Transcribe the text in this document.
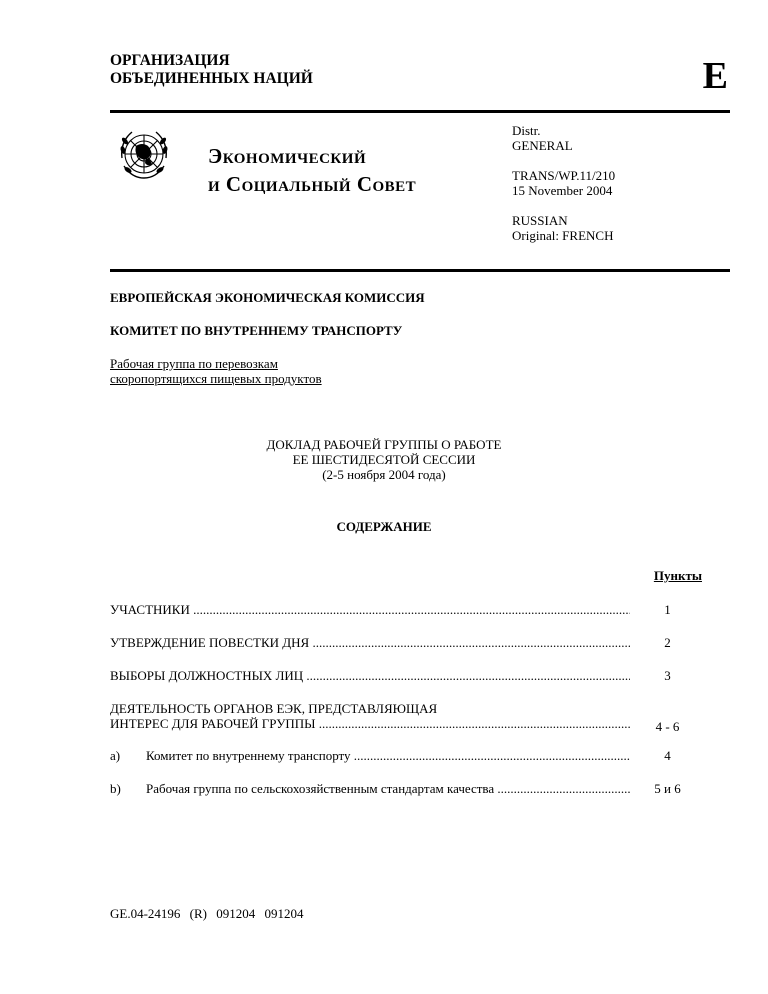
ОРГАНИЗАЦИЯ
ОБЪЕДИНЕННЫХ НАЦИЙ	E
Экономический
и Социальный Совет
Distr.
GENERAL
TRANS/WP.11/210
15 November 2004
RUSSIAN
Original: FRENCH
ЕВРОПЕЙСКАЯ ЭКОНОМИЧЕСКАЯ КОМИССИЯ
КОМИТЕТ ПО ВНУТРЕННЕМУ ТРАНСПОРТУ
Рабочая группа по перевозкам
скоропортящихся пищевых продуктов
ДОКЛАД РАБОЧЕЙ ГРУППЫ О РАБОТЕ
ЕЕ ШЕСТИДЕСЯТОЙ СЕССИИ
(2-5 ноября 2004 года)
СОДЕРЖАНИЕ
Пункты
УЧАСТНИКИ .....	1
УТВЕРЖДЕНИЕ ПОВЕСТКИ ДНЯ .....	2
ВЫБОРЫ ДОЛЖНОСТНЫХ ЛИЦ .....	3
ДЕЯТЕЛЬНОСТЬ ОРГАНОВ ЕЭК, ПРЕДСТАВЛЯЮЩАЯ
ИНТЕРЕС ДЛЯ РАБОЧЕЙ ГРУППЫ .....	4 - 6
a) Комитет по внутреннему транспорту .....	4
b) Рабочая группа по сельскохозяйственным стандартам качества .....	5 и 6
GE.04-24196 (R) 091204 091204
